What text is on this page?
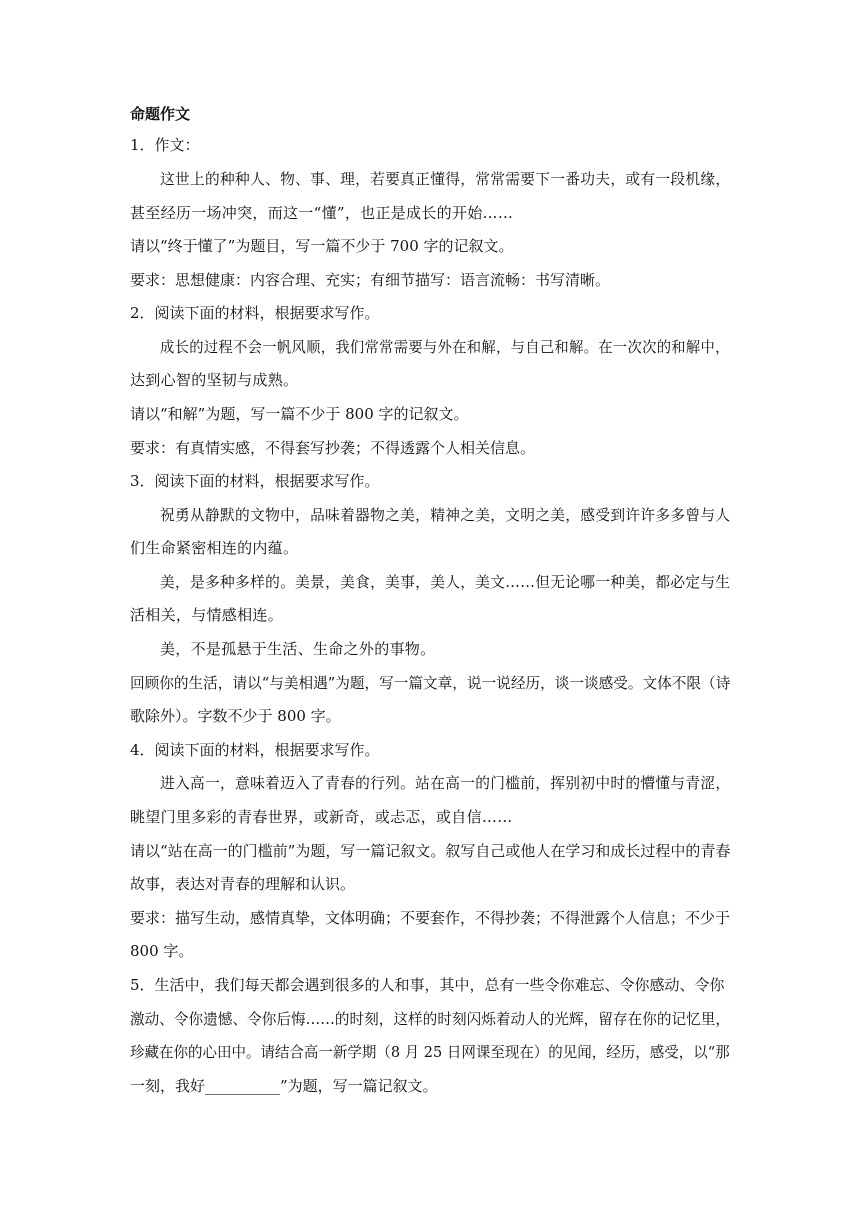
命题作文
1．作文：
这世上的种种人、物、事、理，若要真正懂得，常常需要下一番功夫，或有一段机缘，
甚至经历一场冲突，而这一“懂”，也正是成长的开始……
请以“终于懂了”为题目，写一篇不少于 700 字的记叙文。
要求：思想健康：内容合理、充实；有细节描写：语言流畅：书写清晰。
2．阅读下面的材料，根据要求写作。
成长的过程不会一帆风顺，我们常常需要与外在和解，与自己和解。在一次次的和解中，
达到心智的坚韧与成熟。
请以“和解”为题，写一篇不少于 800 字的记叙文。
要求：有真情实感，不得套写抄袭；不得透露个人相关信息。
3．阅读下面的材料，根据要求写作。
祝勇从静默的文物中，品味着器物之美，精神之美，文明之美，感受到许许多多曾与人
们生命紧密相连的内蕴。
美，是多种多样的。美景，美食，美事，美人，美文……但无论哪一种美，都必定与生
活相关，与情感相连。
美，不是孤悬于生活、生命之外的事物。
回顾你的生活，请以“与美相遇”为题，写一篇文章，说一说经历，谈一谈感受。文体不限（诗
歌除外）。字数不少于 800 字。
4．阅读下面的材料，根据要求写作。
进入高一，意味着迈入了青春的行列。站在高一的门槛前，挥别初中时的懵懂与青涩，
眺望门里多彩的青春世界，或新奇，或忐忑，或自信……
请以“站在高一的门槛前”为题，写一篇记叙文。叙写自己或他人在学习和成长过程中的青春
故事，表达对青春的理解和认识。
要求：描写生动，感情真挚，文体明确；不要套作，不得抄袭；不得泄露个人信息；不少于
800 字。
5．生活中，我们每天都会遇到很多的人和事，其中，总有一些令你难忘、令你感动、令你
激动、令你遗憾、令你后悔……的时刻，这样的时刻闪烁着动人的光辉，留存在你的记忆里，
珍藏在你的心田中。请结合高一新学期（8 月 25 日网课至现在）的见闻，经历，感受，以“那
一刻，我好__________”为题，写一篇记叙文。
